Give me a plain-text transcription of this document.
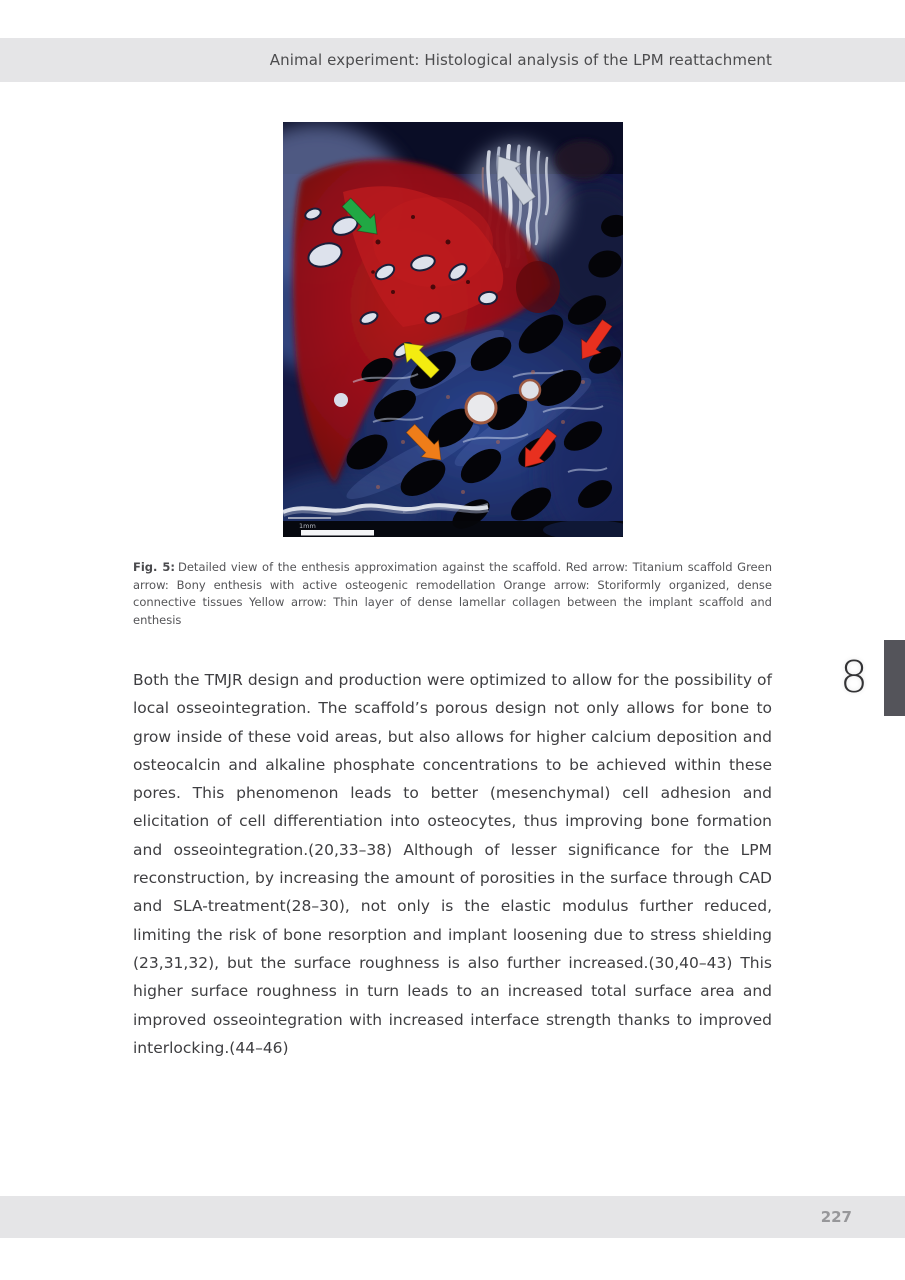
Animal experiment: Histological analysis of the LPM reattachment
1mm

Fig. 5: Detailed view of the enthesis approximation against the scaffold. Red arrow: Titanium scaffold Green arrow: Bony enthesis with active osteogenic remodellation Orange arrow: Storiformly organized, dense connective tissues Yellow arrow: Thin layer of dense lamellar collagen between the implant scaffold and enthesis

Both the TMJR design and production were optimized to allow for the possibility of local osseointegration. The scaffold’s porous design not only allows for bone to grow inside of these void areas, but also allows for higher calcium deposition and osteocalcin and alkaline phosphate concentrations to be achieved within these pores. This phenomenon leads to better (mesenchymal) cell adhesion and elicitation of cell differentiation into osteocytes, thus improving bone formation and osseointegration.(20,33–38) Although of lesser significance for the LPM reconstruction, by increasing the amount of porosities in the surface through CAD and SLA-treatment(28–30), not only is the elastic modulus further reduced, limiting the risk of bone resorption and implant loosening due to stress shielding (23,31,32), but the surface roughness is also further increased.(30,40–43) This higher surface roughness in turn leads to an increased total surface area and improved osseointegration with increased interface strength thanks to improved interlocking.(44–46)

8
227
